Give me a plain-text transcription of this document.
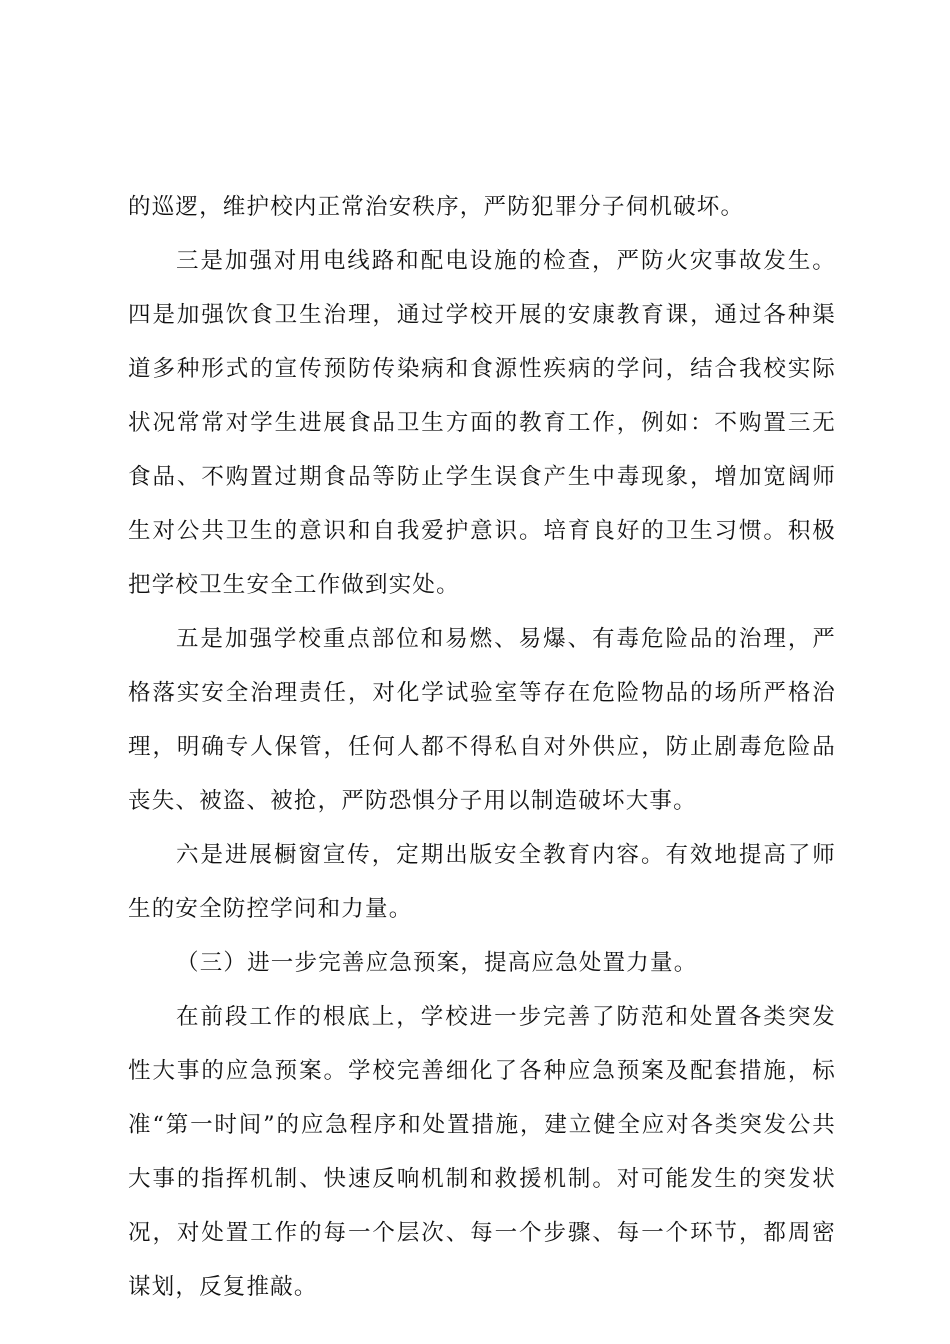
的巡逻，维护校内正常治安秩序，严防犯罪分子伺机破坏。

三是加强对用电线路和配电设施的检查，严防火灾事故发生。四是加强饮食卫生治理，通过学校开展的安康教育课，通过各种渠道多种形式的宣传预防传染病和食源性疾病的学问，结合我校实际状况常常对学生进展食品卫生方面的教育工作，例如：不购置三无食品、不购置过期食品等防止学生误食产生中毒现象，增加宽阔师生对公共卫生的意识和自我爱护意识。培育良好的卫生习惯。积极把学校卫生安全工作做到实处。

五是加强学校重点部位和易燃、易爆、有毒危险品的治理，严格落实安全治理责任，对化学试验室等存在危险物品的场所严格治理，明确专人保管，任何人都不得私自对外供应，防止剧毒危险品丧失、被盗、被抢，严防恐惧分子用以制造破坏大事。

六是进展橱窗宣传，定期出版安全教育内容。有效地提高了师生的安全防控学问和力量。

（三）进一步完善应急预案，提高应急处置力量。

在前段工作的根底上，学校进一步完善了防范和处置各类突发性大事的应急预案。学校完善细化了各种应急预案及配套措施，标准“第一时间”的应急程序和处置措施，建立健全应对各类突发公共大事的指挥机制、快速反响机制和救援机制。对可能发生的突发状况，对处置工作的每一个层次、每一个步骤、每一个环节，都周密谋划，反复推敲。
